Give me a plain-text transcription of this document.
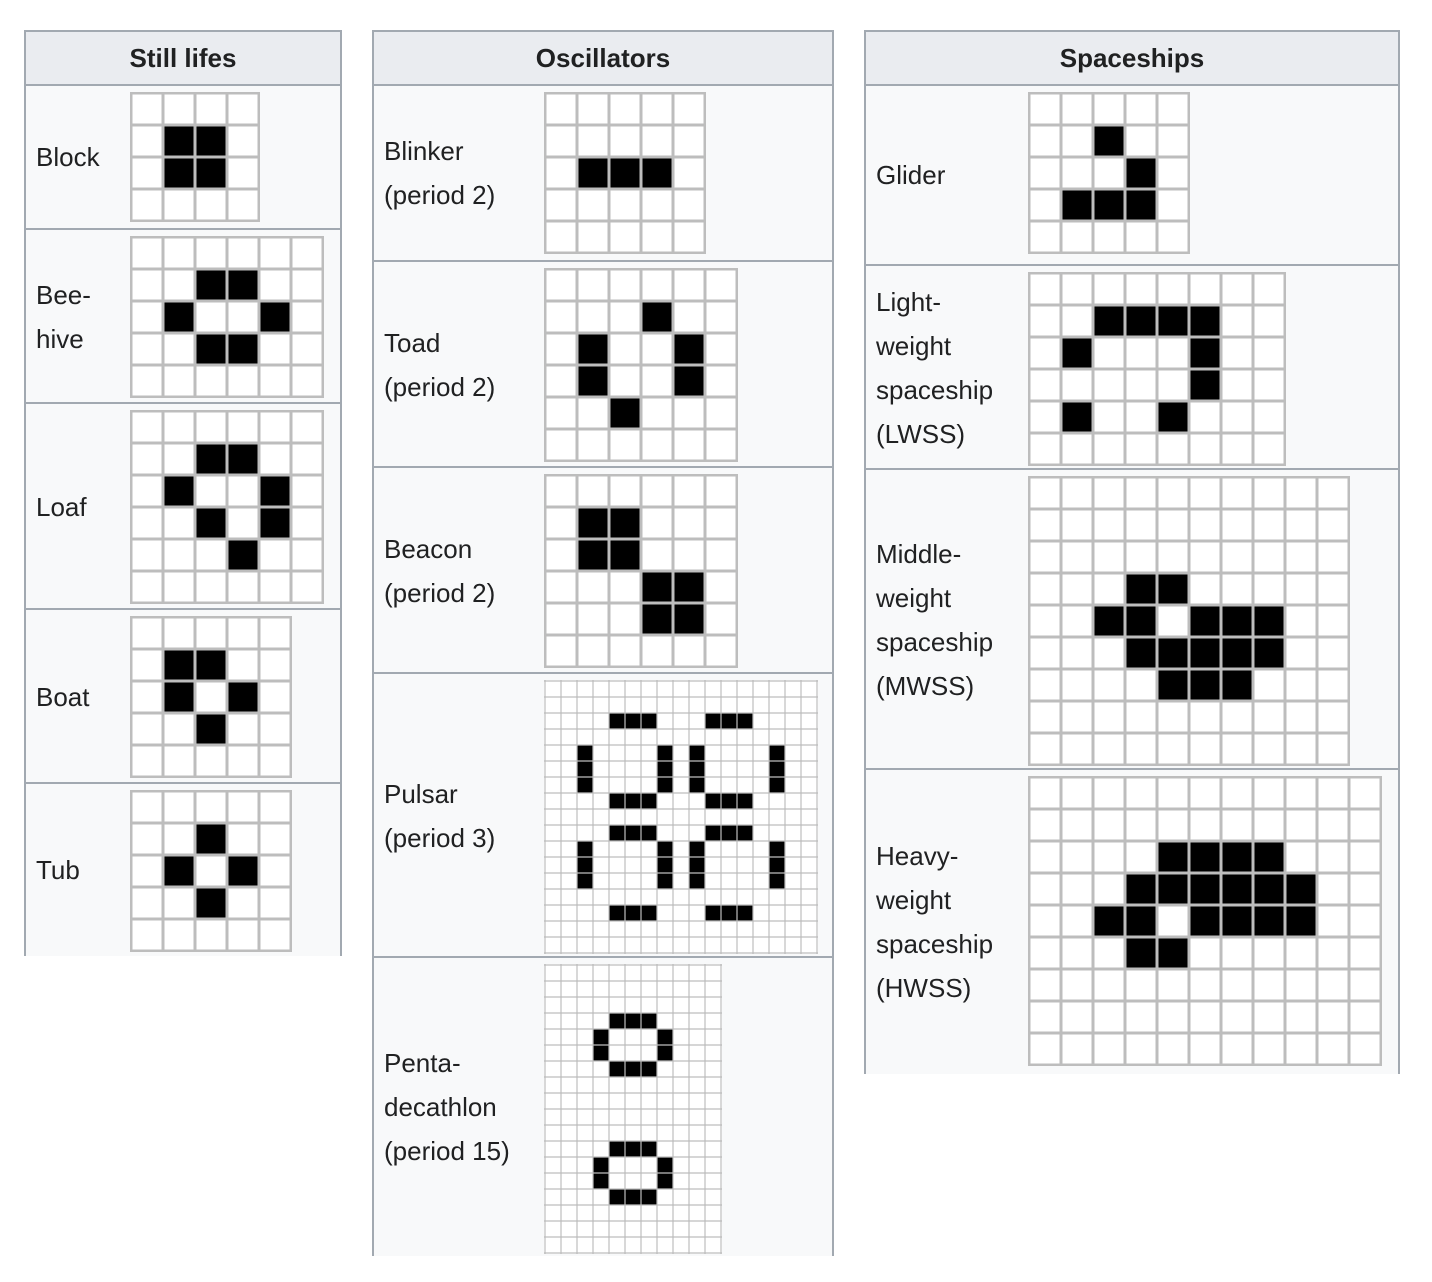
Still lifes
Block
Bee-
hive
Loaf
Boat
Tub
Oscillators
Blinker
(period 2)
Toad
(period 2)
Beacon
(period 2)
Pulsar
(period 3)
Penta-
decathlon
(period 15)
Spaceships
Glider
Light-
weight
spaceship
(LWSS)
Middle-
weight
spaceship
(MWSS)
Heavy-
weight
spaceship
(HWSS)
